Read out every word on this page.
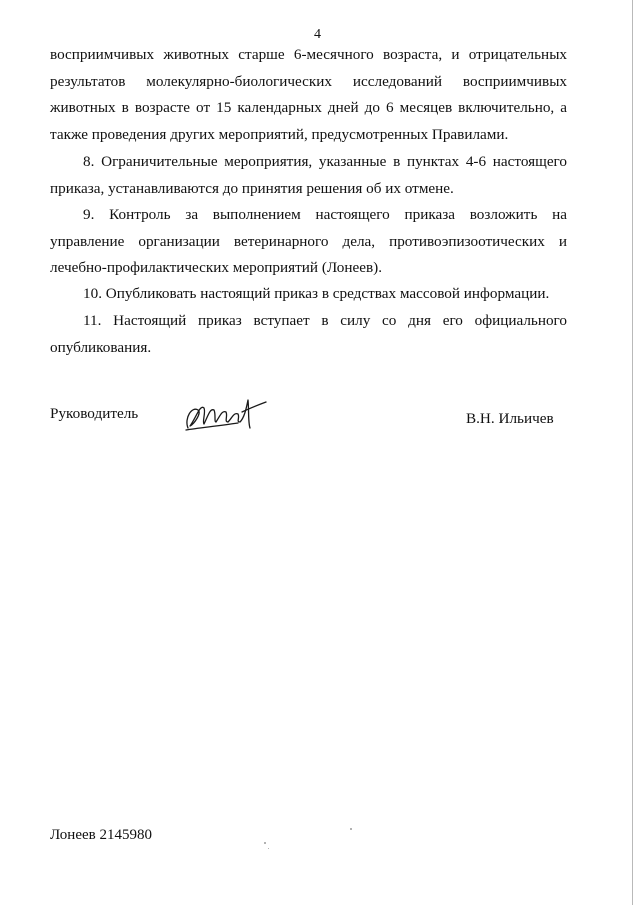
4

восприимчивых животных старше 6-месячного возраста, и отрицательных результатов молекулярно-биологических исследований восприимчивых животных в возрасте от 15 календарных дней до 6 месяцев включительно, а также проведения других мероприятий, предусмотренных Правилами.

8. Ограничительные мероприятия, указанные в пунктах 4-6 настоящего приказа, устанавливаются до принятия решения об их отмене.

9. Контроль за выполнением настоящего приказа возложить на управление организации ветеринарного дела, противоэпизоотических и лечебно-профилактических мероприятий (Лонеев).

10. Опубликовать настоящий приказ в средствах массовой информации.

11. Настоящий приказ вступает в силу со дня его официального опубликования.

Руководитель	В.Н. Ильичев
Лонеев 2145980
